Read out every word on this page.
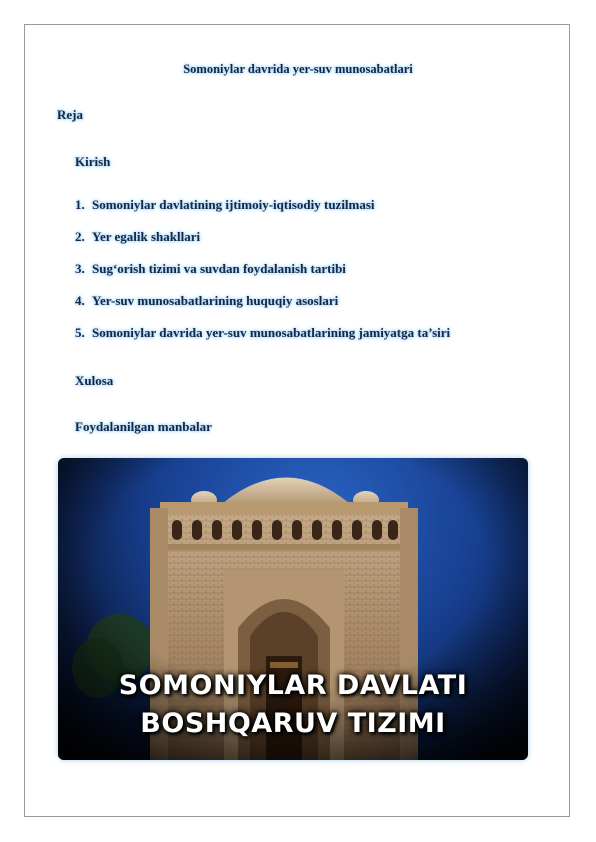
Somoniylar davrida yer-suv munosabatlari
Reja
Kirish
1. Somoniylar davlatining ijtimoiy-iqtisodiy tuzilmasi
2. Yer egalik shakllari
3. Sug‘orish tizimi va suvdan foydalanish tartibi
4. Yer-suv munosabatlarining huquqiy asoslari
5. Somoniylar davrida yer-suv munosabatlarining jamiyatga ta’siri
Xulosa
Foydalanilgan manbalar
SOMONIYLAR DAVLATI
BOSHQARUV TIZIMI
